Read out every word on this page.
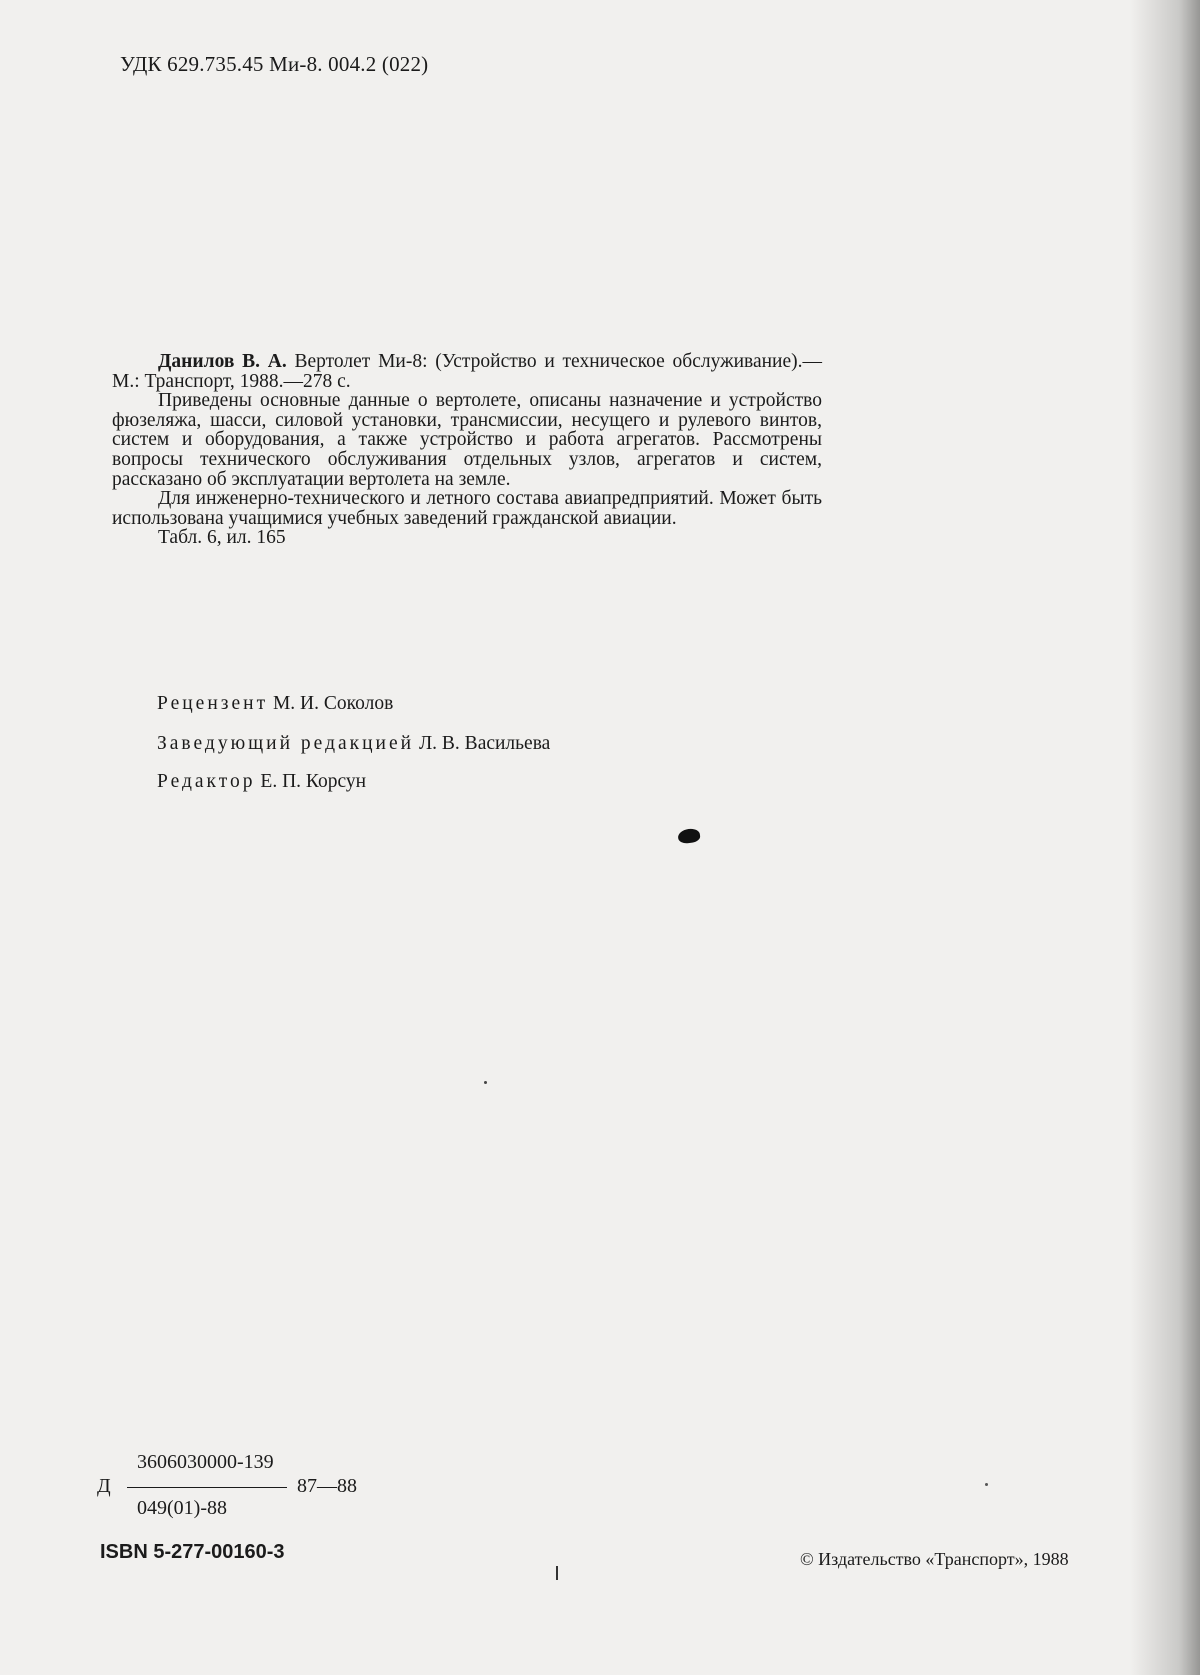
УДК 629.735.45 Ми-8. 004.2 (022)

Данилов В. А. Вертолет Ми-8: (Устройство и техническое обслуживание).—М.: Транспорт, 1988.—278 с.

Приведены основные данные о вертолете, описаны назначение и устройство фюзеляжа, шасси, силовой установки, трансмиссии, несущего и рулевого винтов, систем и оборудования, а также устройство и работа агрегатов. Рассмотрены вопросы технического обслуживания отдельных узлов, агрегатов и систем, рассказано об эксплуатации вертолета на земле.

Для инженерно-технического и летного состава авиапредприятий. Может быть использована учащимися учебных заведений гражданской авиации.

Табл. 6, ил. 165

Рецензент М. И. Соколов
Заведующий редакцией Л. В. Васильева
Редактор Е. П. Корсун
3606030000-139
Д	87—88
049(01)-88
ISBN 5-277-00160-3	© Издательство «Транспорт», 1988
